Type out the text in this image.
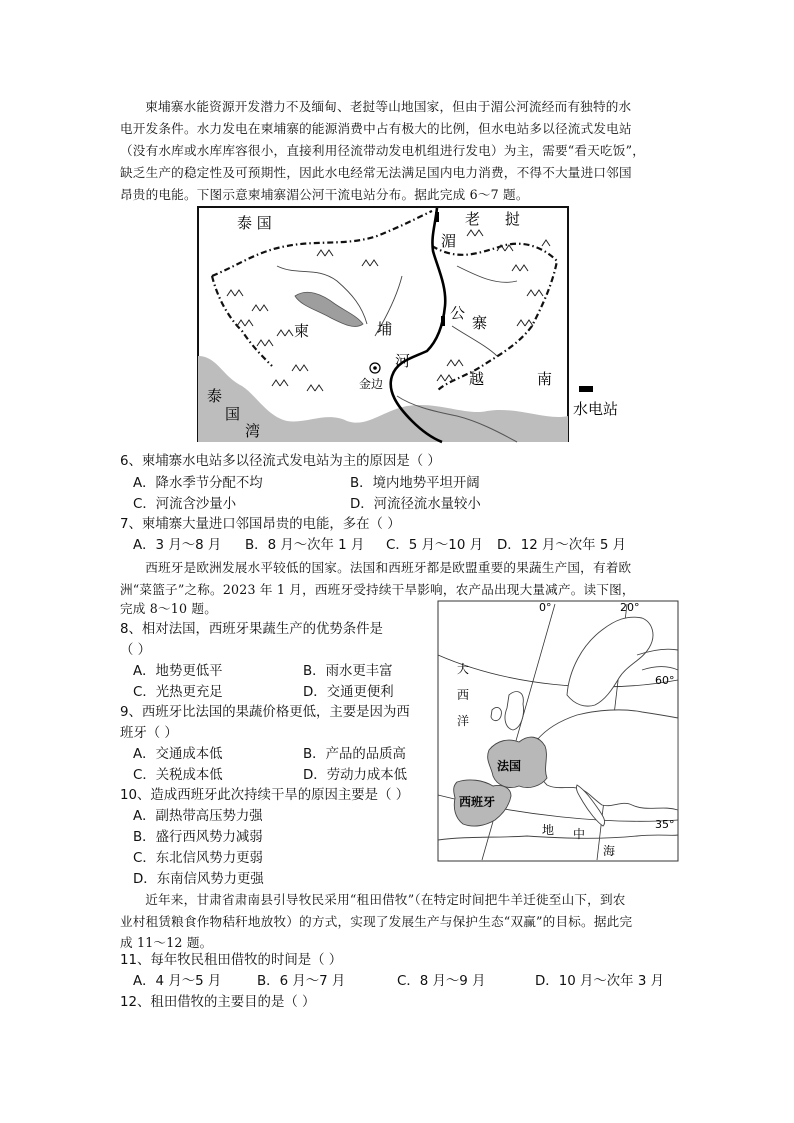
柬埔寨水能资源开发潜力不及缅甸、老挝等山地国家，但由于湄公河流经而有独特的水

电开发条件。水力发电在柬埔寨的能源消费中占有极大的比例，但水电站多以径流式发电站

（没有水库或水库库容很小，直接利用径流带动发电机组进行发电）为主，需要“看天吃饭”，

缺乏生产的稳定性及可预期性，因此水电经常无法满足国内电力消费，不得不大量进口邻国

昂贵的电能。下图示意柬埔寨湄公河干流电站分布。据此完成 6～7 题。

泰 国	老 挝
湄
公
河
柬	埔	寨
越	南
金边
泰
国
湾
水电站

6、柬埔寨水电站多以径流式发电站为主的原因是（ ）

A．降水季节分配不均	B．境内地势平坦开阔

C．河流含沙量小	D．河流径流水量较小

7、柬埔寨大量进口邻国昂贵的电能，多在（ ）

A．3 月～8 月 B．8 月～次年 1 月 C．5 月～10 月 D．12 月～次年 5 月

西班牙是欧洲发展水平较低的国家。法国和西班牙都是欧盟重要的果蔬生产国，有着欧

洲“菜篮子”之称。2023 年 1 月，西班牙受持续干旱影响，农产品出现大量减产。读下图，

完成 8～10 题。	0°	20°
60°
35°
大
西
洋
法国
西班牙
地 中
海

8、相对法国，西班牙果蔬生产的优势条件是

（ ）

A．地势更低平	B．雨水更丰富

C．光热更充足	D．交通更便利

9、西班牙比法国的果蔬价格更低，主要是因为西

班牙（ ）

A．交通成本低	B．产品的品质高

C．关税成本低	D．劳动力成本低

10、造成西班牙此次持续干旱的原因主要是（ ）

A．副热带高压势力强

B．盛行西风势力减弱

C．东北信风势力更弱

D．东南信风势力更强

近年来，甘肃省肃南县引导牧民采用“租田借牧”（在特定时间把牛羊迁徙至山下，到农

业村租赁粮食作物秸秆地放牧）的方式，实现了发展生产与保护生态“双赢”的目标。据此完

成 11～12 题。

11、每年牧民租田借牧的时间是（ ）

A．4 月～5 月	B．6 月～7 月	C．8 月～9 月	D．10 月～次年 3 月

12、租田借牧的主要目的是（ ）
